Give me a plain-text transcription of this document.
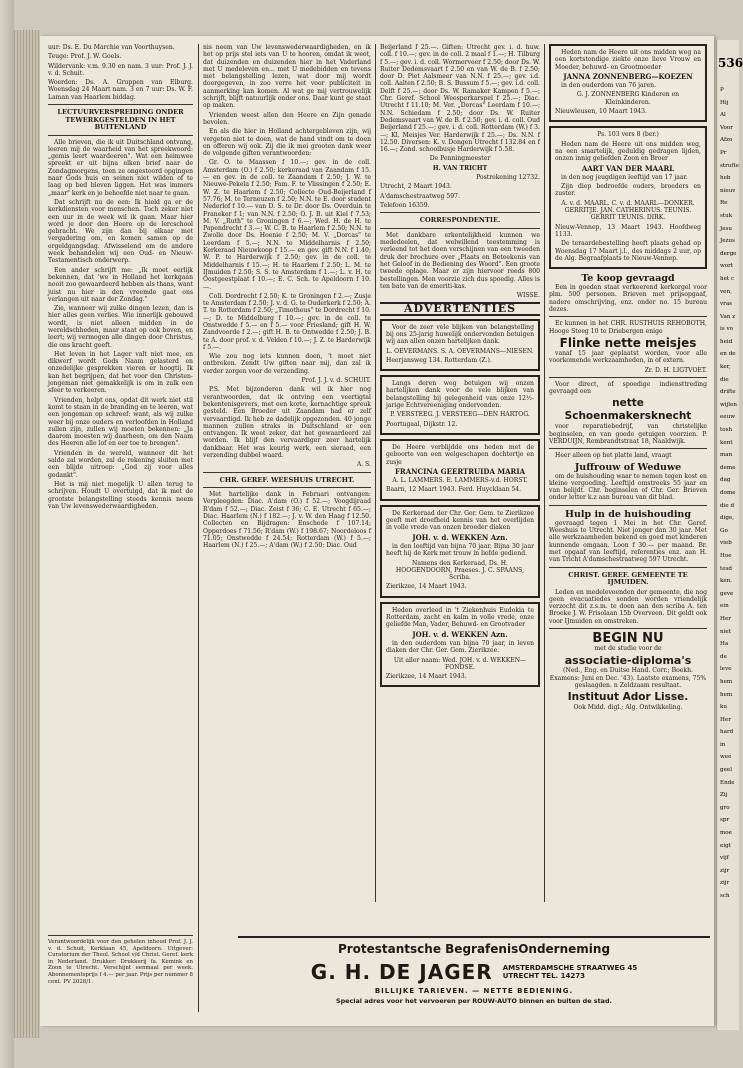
P
Hij
Al
Voor
Afzo
Pr
strufte
heb
nieuv
Re
stuk
Jesu
Jezus
derge
wort
het c
ven,
vras
Van z
is vo
heid
en de
ker,
die
drifte
wijlen
eeuw
tosh
kent
man
deme
dag
dome
die d
dige,
Go
vieb
Hoe
tesd
ken.
geve
ein
Her
niet
Ha
de
leve
hem
hem
ku
Her
hard
in
wee
geel
Ende
Zij
gro
spr
moe
eigt
vijf
zijr
zijr
sch
536

uur: Ds. E. Du Marchie van Voorthuysen.

Teuge: Prof. J. W. Goels.

Wildervank: v.m. 9.30 en nam. 3 uur: Prof. J. J. v. d. Schuit.

Woerden: Ds. A. Gruppen van Elburg. Woensdag 24 Maart nam. 3 en 7 uur: Ds. W. F. Laman van Haarlem biddag.

LECTUURVERSPREIDING ONDER TEWERKGESTELDEN IN HET BUITENLAND

Alle brieven, die ik uit Duitschland ontvang, leeren mij de waarheid van het spreekwoord: „gemis leert waardeeren". Wat een heimwee spreekt er uit bijna elken brief naar de Zondagmorgens, toen ze ongestoord opgingen naar Gods huis en seinen niet wilden of te laag op bed bleven liggen. Het was immers „maar" kerk en je behoefde niet naar te gaan.

Dat schrijft nu de een: Ik hield ga er de kerkdiensten voor menschen. Toch zeker niet een uur in de week wil ik gaan. Maar hier word je door den Heere op de lercschool gebracht. We zijn dan bij elkaar met vergadering om, en komen samen op de ergeldgangsdag. Afwisselend om de andere week behandelen wij een Oud- en Nieuw- Testamentisch onderwerp.

Een ander schrijft me: „Ik moet eerlijk bekennen, dat 'we in Holland het kerkgaan nooit zoo gewaardeerd hebben als thans, want juist nu hier in den vreemde gaat ons verlangen uit naar der Zondag."

Zie, wanneer wij zulke dingen lezen, dan is hier alles geen verlies. Wie innerlijk gebouwd wordt, is niet alleen midden in de wereldschheden, maar staat op ook boven, en leert; wij vermogen alle dingen door Christus, die ons kracht geeft.

Het leven in het Lager valt niet mee, en dikwerf wordt Gods Naam gelasterd en onzedelijke gesprekken vieren er hoogtij. Ik kan het begrijpen, dat het voor den Christen-jongeman niet gemakkelijk is om in zulk een sfeer te verkeeren.

Vrienden, helpt ons, opdat dit werk niet stil komt te staan in de branding en te leeren, wat een jongeman op schreef: want, als wij zulke weer bij onze ouders en verloofden in Holland zullen zijn, zullen wij moeten bekennen: „Ja daarom moesten wij daarheen, om den Naam des Heeren alle lof en eer toe te brengen".

Vrienden in de wereld, wanneer dit het saldo zal worden, zal de rekening sluiten met een blijde uitroep: „God zij voor alles gedankt".

Het is mij niet mogelijk U allen terug te schrijven. Houdt U overtuigd, dat ik met de grootste belangstelling steeds kennis neem van Uw levenswederwaardigheden.

Verantwoordelijk voor den gehelen inhoud Prof. J. J. v. d. Schuit, Kerklaan 45, Apeldoorn. Uitgever: Curatorium der Theol. School v/d Christ. Geref. kerk in Nederland. Drukker: Drukkerij fa. Kemink en Zoon te Utrecht. Verschijnt eenmaal per week. Abonnementsprijs f 4.— per jaar. Prijs per nummer 8 cent. PV 2028/1.

nis neem van Uw levenswederwaardigheden, en ik het op prijs stel iets van U te hooren, omdat ik weet, dat duizenden en duizenden hier in het Vaderland met U medeleven en... met U medebidden en tevens met belangstelling lezen, wat door mij wordt doorgegeven, in zoo verre het voor publiciteit in aanmerking kan komen. Al wat ge mij vertrouwelijk schrijft, blijft natuurlijk onder ons. Daar kunt ge staat op maken.

Vrienden weest allen den Heere en Zijn genade bevolen.

En als die hier in Holland achtergebleven zijn, wij vergeten niet te doen, wat de hand vindt om te doen en offeren wij ook. Zij die ik mei grooten dank weer de volgende giften verantwoorden:

Gr. O. te Maassen f 10.—; gev. in de coll. Amsterdam (O.) f 2.50; kerkeraad van Zaandam f 15.— en gev. in de coll. te Zaandam f 2.50; J. W. te Nieuwe-Pekela f 2.50; Fam. F. te Vlissingen f 2.50; E. W. Z. te Haarlem f 2.50; Collecte Oud-Beijerland f 57.76; M. te Terneuzen f 2.50; N.N. te E. door student Nederlof f 10.— van D. S. te Dr. door Ds. Overduin te Franeker f 1; van N.N. f 2.50; O. J. B. uit Kiel f 7.53; M. V. „Ruth" te Groningen f 6.—; Wed. H. de H. te Papendrecht f 3.—; W. C. B. te Haarlem f 2.50; N.N. te Zwolle door Ds. Hoenie f 2.50; M. V. „Dorcas" te Leerdam f 5.—; N.N. te Middelharnis f 2.50; Kerkeraad Nieuwkoop f 15.— en gev. gift N.N. f 1.40; W. P. te Harderwijk f 2.50; gev. in de coll. te Middelharnis f 15.—; H. te Haarlem f 2.50; L. M. te IJmuiden f 2.50; S. S. te Amsterdam f 1.—; L. v. H. te Oostgeestplaat f 10.—; E. C. Sch. te Apeldoorn f 10.—.

Coll. Dordrecht f 2.50; K. te Groningen f 2.—; Zusje te Amsterdam f 2.50; J. v. d. G. te Ouderkerk f 2.50; A. T. te Rotterdam f 2.50; „Timotheus" te Dordrecht f 10.—; D. te Middelburg f 10.—; gev. in de coll. te Onstwedde f 5.— en f 5.— voor Friesland; gift H. W. Zandvoorde f 2.—; gift H. B. te Ontwedde f 2.50; J. B. te A. door prof. v. d. Velden f 10.—; J. Z. te Harderwijk f 5.—.

Wie zou nog iets kunnen doen, 't moet niet ontbreken. Zendt Uw giften naar mij, dan zal ik verder zorgen voor de verzending.

Prof. J. J. v. d. SCHUIT.

P.S. Met bijzonderen dank wil ik hier nog verantwoorden, dat ik ontving een veertigtal bekentenisgevers, met een korte, kernachtige spreuk gesteld. Een Broeder uit Zaandam had er zelf vervaardigd. Ik heb ze dadelijk opgezonden. 40 jonge mannen zullen straks in Duitschland er een ontvangen. Ik weet zeker, dat het gewaardeerd zal worden. Ik blijf den vervaardiger zeer hartelijk dankbaar. Het was keurig werk, een sieraad, een verzending dubbel waard.

A. S.

CHR. GEREF. WEESHUIS UTRECHT.

Met hartelijke dank in Februari ontvangen: Verpleegden: Diac. A'dam (O.) f 52.—; Voogdijraad R'dam f 52.—; Diac. Zeist f 36; C. E. Utrecht f 65.—; Diac. Haarlem (N.) f 182.—; J. v. W. den Haag f 12.50. Collecten en Bijdragen: Enschede f 107.14; Opperdoes f 71.56; R'dam (W.) f 198.67; Noordeloos f 71.05; Onstwedde f 24.54; Rotterdam (W.) f 5.—; Haarlem (N.) f 25.—; A'dam (W.) f 2.50; Diac. Oud

Beijerland f 25.—. Giften: Utrecht gev. i. d. huw. coll. f 10.—; gev. in de coll. 2 maal f 1.—; H. Tilburg f 5.—; gev. i. d. coll. Wormerveer f 2.50; door Ds. W. Ruiter Dedemsvaart f 2.50 en van W. de B. f 2.50; door D. Piet Aalsmeer van N.N. f 25.—; gev. i.d. coll. Aalten f 2.50; B. S. Bussum f 5.—; gev. i.d. coll. Delft f 25.—; door Ds. W. Ramaker Kampen f 5.—; Chr. Geref. School Weesperkarspel f 25.—; Diac. Utrecht f 11.10; M. Ver. „Dorcas" Leerdam f 10.—; N.N. Schiedam f 2.50; door Ds. W. Ruiter Dedemsvaart van W. de B. f 2.50; gev. i. d. coll. Oud Beijerland f 25.—; gev. i. d. coll. Rotterdam (W.) f 3.—; Kl. Meisjes Ver. Harderwijk f 25.—; Ds. N.N. f 12.50. Diversen: K. v. Dongen Utrecht f 132.84 en f 16.—; Zond. schoolbusje Harderwijk f 5.58.

De Penningmeester

H. VAN TRICHT

Postrekening 12732.

Utrecht, 2 Maart 1943.

A'damschestraatweg 597.

Telefoon 16359.

CORRESPONDENTIE.

Met dankbare erkentelijkheid kunnen we mededeelen, dat welwillend teestemming is verleend tot het doen verschijnen van een tweeden druk der brochure over „Plaats en Beteekenis van het Geloof in de Bediening des Woord". Een groote tweede oplage. Maar er zijn hiervoor reeds 800 bestellingen. Men voorzie zich dus spoedig. Alles is ten bate van de emeriti-kas.

WISSE.

ADVERTENTIES

Voor de zeer vele blijken van belangstelling bij ons 25-jarig huwelijk ondervonden betuigen wij aan allen onzen hartelijken dank.

L. OEVERMANS. S. A. OEVERMANS—NIESEN.

Heerjansweg 134. Rotterdam (Z.).

Langs deren weg betuigen wij onzen hartelijken dank voor de vele blijken van belangstelling bij gelegenheid van onze 12½-jarige Echtvereeniging ondervonden.

P. VERSTEEG. J. VERSTEEG—DEN HARTOG.

Poortugaal, Dijkstr. 12.

De Heere verblijdde ons heden met de geboorte van een welgeschapen dochtertje en zusje

FRANCINA GEERTRUIDA MARIA

A. L. LAMMERS. E. LAMMERS-v.d. HORST.

Baarn, 12 Maart 1943. Ferd. Huycklaan 54.

De Kerkeraad der Chr. Ger. Gem. te Zierikzee geeft met droefheid kennis van het overlijden in volle vrede van onzen broeder diaken

JOH. v. d. WEKKEN Azn.

in den leeftijd van bijna 70 jaar. Bijna 30 jaar heeft hij de Kerk met trouw in liefde gediend.

Namens den Kerkeraad, Ds. H. HOOGENDOORN, Praeses. J. C. SPAANS, Scriba.

Zierikzee, 14 Maart 1943.

Heden overleed in 't Ziekenhuis Eudokia te Rotterdam, zacht en kalm in volle vrede, onze geliefde Man, Vader, Behuwd- en Grootvader

JOH. v. d. WEKKEN Azn.

in den ouderdom van bijna 70 jaar, in leven diaken der Chr. Ger. Gem. Zierikzee.

Uit aller naam: Wed. JOH. v. d. WEKKEN—FONDSE.

Zierikzee, 14 Maart 1943.

Heden nam de Heere uit ons midden weg na een kortstondige ziekte onze lieve Vrouw en Moeder, behuwd- en Grootmoeder

JANNA ZONNENBERG—KOEZEN

in den ouderdom van 76 jaren.

G. J. ZONNENBERG Kinderen en Kleinkinderen.

Nieuwleusen, 10 Maart 1943.

Ps. 103 vers 8 (ber.)

Heden nam de Heere uit ons midden weg, na een smartelijk, geduldig gedragen lijden, onzen innig geliefden Zoon en Broer

AART VAN DER MAARL

in den nog jeugdigen leeftijd van 17 jaar.

Zijn diep bedroefde ouders, broeders en zuster.

A. v. d. MAARL. C. v. d. MAARL—DONKER. GERRITJE. JAN. CATHERINUS. TEUNIS. GERRIT TEUNIS. DIRK.

Nieuw-Vennep, 13 Maart 1943. Hoofdweg 1133.

De teraardebestelling heeft plaats gehad op Woensdag 17 Maart j.l., des middags 2 uur, op de Alg. Begraafplaats te Nieuw-Vennep.

Te koop gevraagd

Een in goeden staat verkeerend kerkorgel voor plm. 500 personen. Brieven met prijsopgaaf, nadere omschrijving, enz. onder no. 15 bureau dezes.

Er kunnen in het CHR. RUSTHUIS REHOBOTH, Hooge Steeg 10 te Driebergen enige

Flinke nette meisjes

vanaf 15 jaar geplaatst worden, voor alle voorkomende werkzaamheden, in of extern.

Zr. D. H. LIGTVOET.

Voor direct, of spoedige indiensttreding gevraagd een

nette Schoenmakersknecht

voor reparatiebedrijf, van christelijke beginselen, en van goede getuigen voorzien. P. VERDUIJN, Rembrandtstraat 18, Naaldwijk.

Heer alleen op het platte land, vraagt

Juffrouw of Weduwe

om de huishouding waar te nemen tegen kost en kleine vergoeding. Leeftijd omstreeks 55 jaar en van belijdt. Chr. beginselen of Chr. Ger. Brieven onder letter k.z aan bureau van dit blad.

Hulp in de huishouding

gevraagd tegen 1 Mei in het Chr. Geref. Weeshuis te Utrecht. Niet jonger dan 30 jaar. Met alle werkzaamheden bekend en goed met kinderen kunnende omgaan. Loon f 30.— per maand. Br. met opgaaf van leeftijd, referenties enz. aan H. van Tricht A'damschestraatweg 597 Utrecht.

CHRIST. GEREF. GEMEENTE TE IJMUIDEN.

Leden en medeleveenden der gemeente, die nog geen evacuatiedes sonden worden vriendelijk verzocht dit z.s.m. te doen aan den scriba A. ten Broeke J. W. Frisolaan 15b Overveen. Dit geldt ook voor IJmuiden en omstreken.

BEGIN NU

met de studie voor de

associatie-diploma's

(Ned., Eng. en Duitse Hand. Corr.; Boekh. Examens: Juni en Dec. '43). Laatste examens, 75% geslaagden. n Zeldzaam resultaat.

Instituut Ador Lisse.

Ook Midd. digl.; Alg. Ontwikkeling.

Protestantsche BegrafenisOnderneming
G. H. DE JAGER AMSTERDAMSCHE STRAATWEG 45
UTRECHT TEL. 14273
BILLIJKE TARIEVEN. — NETTE BEDIENING.
Special adres voor het vervoeren per ROUW-AUTO binnen en buiten de stad.
